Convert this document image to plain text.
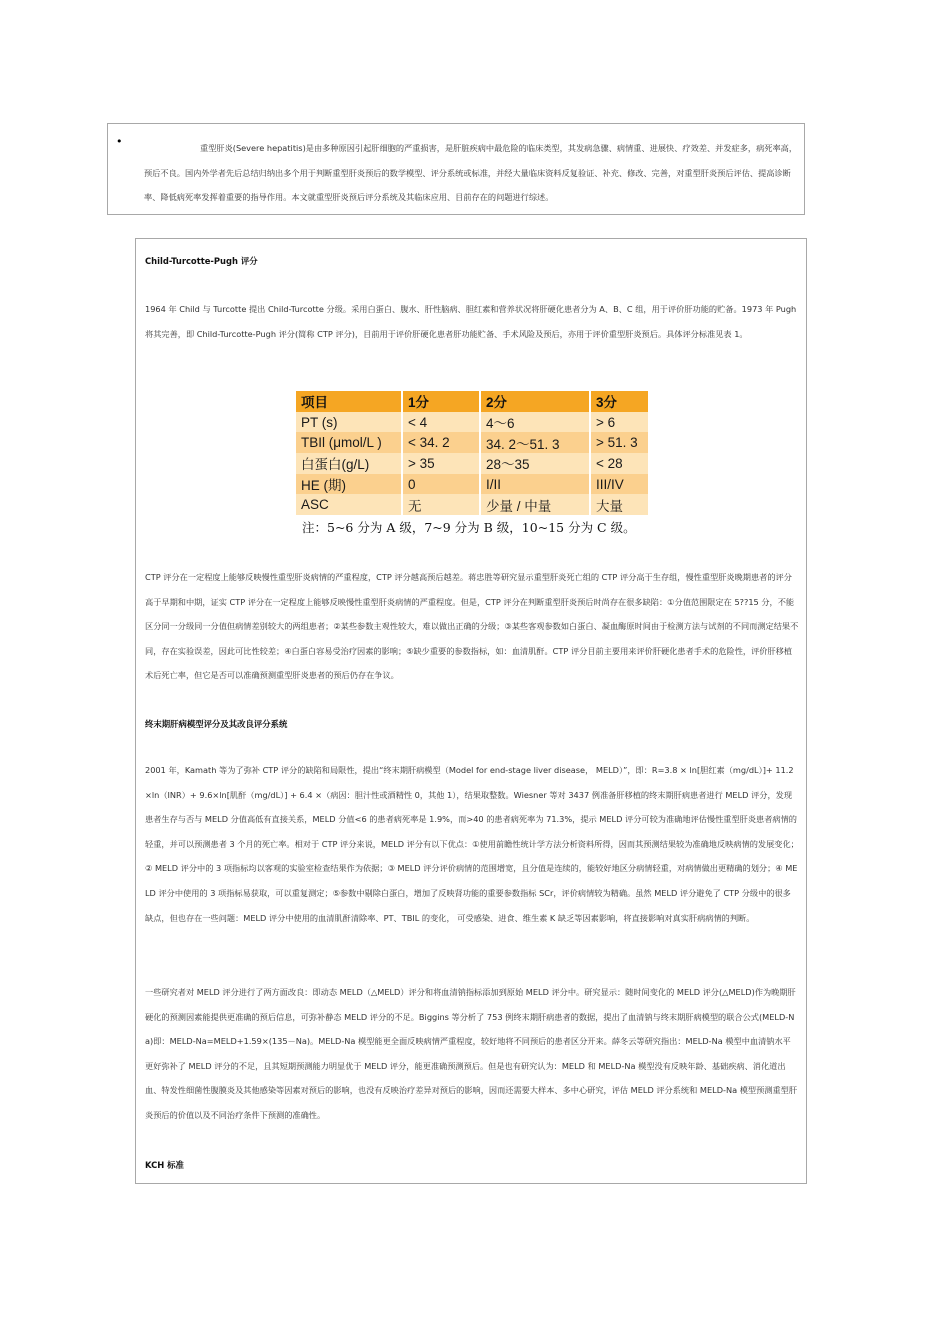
•	重型肝炎(Severe hepatitis)是由多种原因引起肝细胞的严重损害，是肝脏疾病中最危险的临床类型，其发病急骤、病情重、进展快、疗效差、并发症多，病死率高，预后不良。国内外学者先后总结归纳出多个用于判断重型肝炎预后的数学模型、评分系统或标准，并经大量临床资料反复验证、补充、修改、完善，对重型肝炎预后评估、提高诊断率、降低病死率发挥着重要的指导作用。本文就重型肝炎预后评分系统及其临床应用、目前存在的问题进行综述。

Child-Turcotte-Pugh 评分

1964 年 Child 与 Turcotte 提出 Child-Turcotte 分级。采用白蛋白、腹水、肝性脑病、胆红素和营养状况将肝硬化患者分为 A、B、C 组，用于评价肝功能的贮备。1973 年 Pugh 将其完善，即 Child-Turcotte-Pugh 评分(简称 CTP 评分)，目前用于评价肝硬化患者肝功能贮备、手术风险及预后，亦用于评价重型肝炎预后。具体评分标准见表 1。

项目	1分	2分	3分
PT (s)	< 4	4～6	> 6
TBIl (μmol/L )	< 34. 2	34. 2～51. 3	> 51. 3
白蛋白(g/L)	> 35	28～35	< 28
HE (期)	0	I/II	III/IV
ASC	无	少量 / 中量	大量
注：5~6 分为 A 级，7~9 分为 B 级，10~15 分为 C 级。

CTP 评分在一定程度上能够反映慢性重型肝炎病情的严重程度，CTP 评分越高预后越差。蒋忠胜等研究显示重型肝炎死亡组的 CTP 评分高于生存组，慢性重型肝炎晚期患者的评分高于早期和中期，证实 CTP 评分在一定程度上能够反映慢性重型肝炎病情的严重程度。但是，CTP 评分在判断重型肝炎预后时尚存在很多缺陷：①分值范围限定在 5??15 分，不能区分同一分级同一分值但病情差别较大的两组患者；②某些参数主观性较大，难以做出正确的分级；③某些客观参数如白蛋白、凝血酶原时间由于检测方法与试剂的不同而测定结果不同，存在实验误差，因此可比性较差；④白蛋白容易受治疗因素的影响；⑤缺少重要的参数指标，如：血清肌酐。CTP 评分目前主要用来评价肝硬化患者手术的危险性，评价肝移植术后死亡率，但它是否可以准确预测重型肝炎患者的预后仍存在争议。

终末期肝病模型评分及其改良评分系统

2001 年，Kamath 等为了弥补 CTP 评分的缺陷和局限性，提出“终末期肝病模型（Model for end-stage liver disease， MELD）”，即：R=3.8 × ln[胆红素（mg/dL）]+ 11.2×ln（INR）+ 9.6×ln[肌酐（mg/dL）] + 6.4 ×（病因：胆汁性或酒精性 0，其他 1），结果取整数。Wiesner 等对 3437 例准备肝移植的终末期肝病患者进行 MELD 评分，发现患者生存与否与 MELD 分值高低有直接关系，MELD 分值<6 的患者病死率是 1.9%，而>40 的患者病死率为 71.3%，提示 MELD 评分可较为准确地评估慢性重型肝炎患者病情的轻重，并可以预测患者 3 个月的死亡率。相对于 CTP 评分来说，MELD 评分有以下优点：①使用前瞻性统计学方法分析资料所得，因而其预测结果较为准确地反映病情的发展变化；② MELD 评分中的 3 项指标均以客观的实验室检查结果作为依据；③ MELD 评分评价病情的范围增宽，且分值是连续的，能较好地区分病情轻重，对病情做出更精确的划分；④ MELD 评分中使用的 3 项指标易获取，可以重复测定；⑤参数中剔除白蛋白，增加了反映肾功能的重要参数指标 SCr，评价病情较为精确。虽然 MELD 评分避免了 CTP 分级中的很多缺点，但也存在一些问题：MELD 评分中使用的血清肌酐清除率、PT、TBIL 的变化， 可受感染、进食、维生素 K 缺乏等因素影响，将直接影响对真实肝病病情的判断。

一些研究者对 MELD 评分进行了两方面改良：即动态 MELD（△MELD）评分和将血清钠指标添加到原始 MELD 评分中。研究显示：随时间变化的 MELD 评分(△MELD)作为晚期肝硬化的预测因素能提供更准确的预后信息，可弥补静态 MELD 评分的不足。Biggins 等分析了 753 例终末期肝病患者的数据，提出了血清钠与终末期肝病模型的联合公式(MELD-Na)即：MELD-Na=MELD+1.59×(135－Na)。MELD-Na 模型能更全面反映病情严重程度，较好地将不同预后的患者区分开来。薛冬云等研究指出：MELD-Na 模型中血清钠水平更好弥补了 MELD 评分的不足，且其短期预测能力明显优于 MELD 评分，能更准确预测预后。但是也有研究认为：MELD 和 MELD-Na 模型没有反映年龄、基础疾病、消化道出血、特发性细菌性腹膜炎及其他感染等因素对预后的影响，也没有反映治疗差异对预后的影响，因而还需要大样本、多中心研究，评估 MELD 评分系统和 MELD-Na 模型预测重型肝炎预后的价值以及不同治疗条件下预测的准确性。

KCH 标准
